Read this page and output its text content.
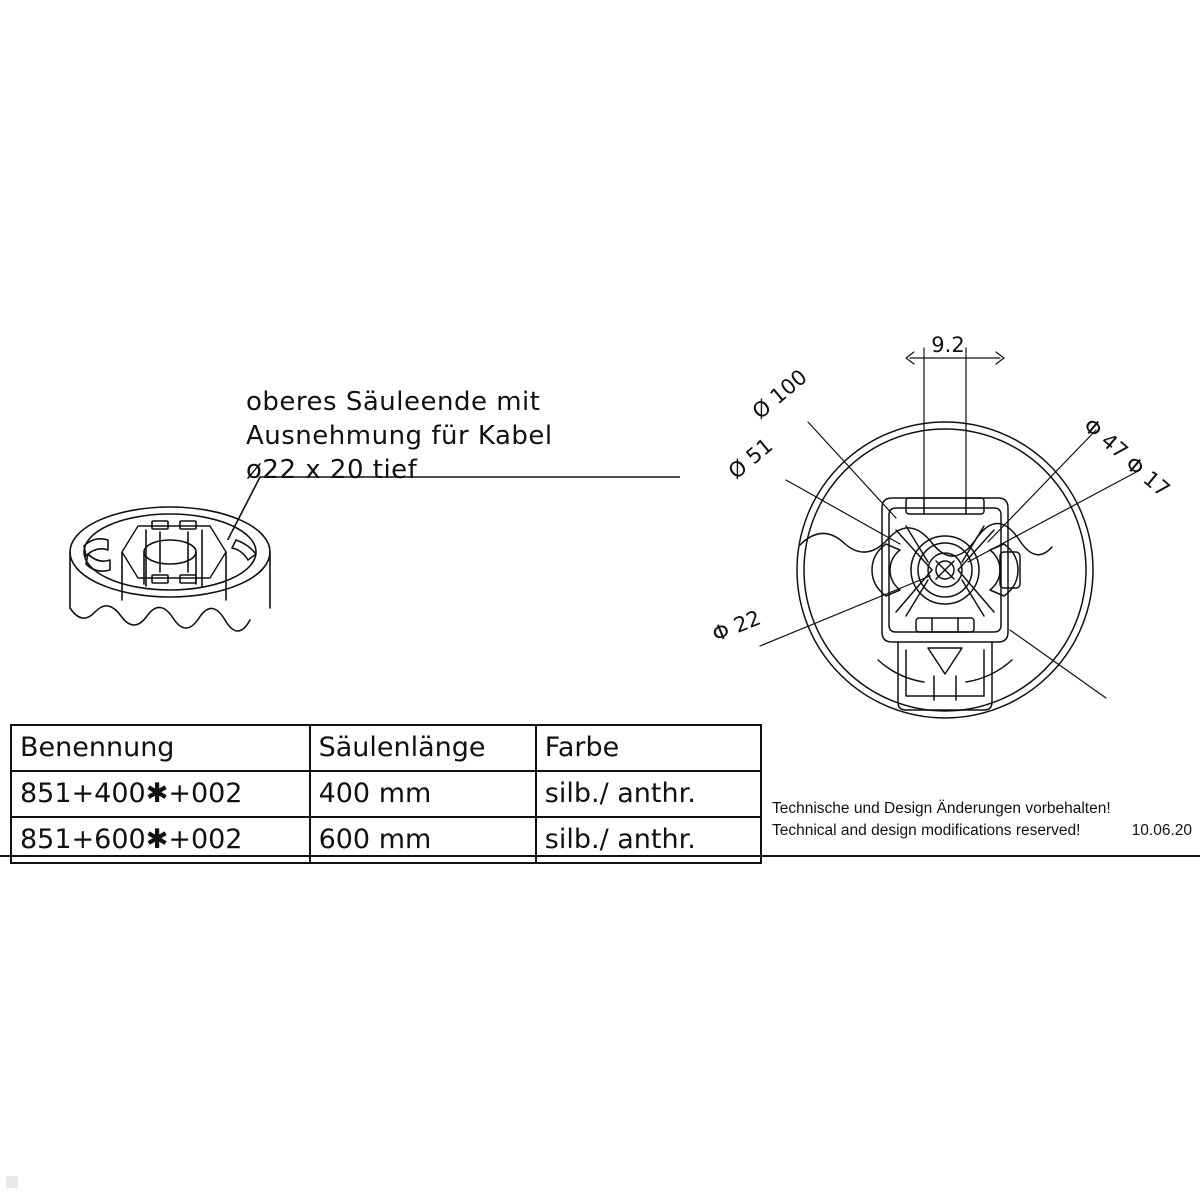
oberes Säuleende mit
Ausnehmung für Kabel
ø22 x 20 tief
9.2
Ø 100
Ø 51
Φ 22
Φ 47
Φ 17
Benennung	Säulenlänge	Farbe
851+400✱+002	400 mm	silb./ anthr.
851+600✱+002	600 mm	silb./ anthr.
Technische und Design Änderungen vorbehalten!
Technical and design modifications reserved!	10.06.20
